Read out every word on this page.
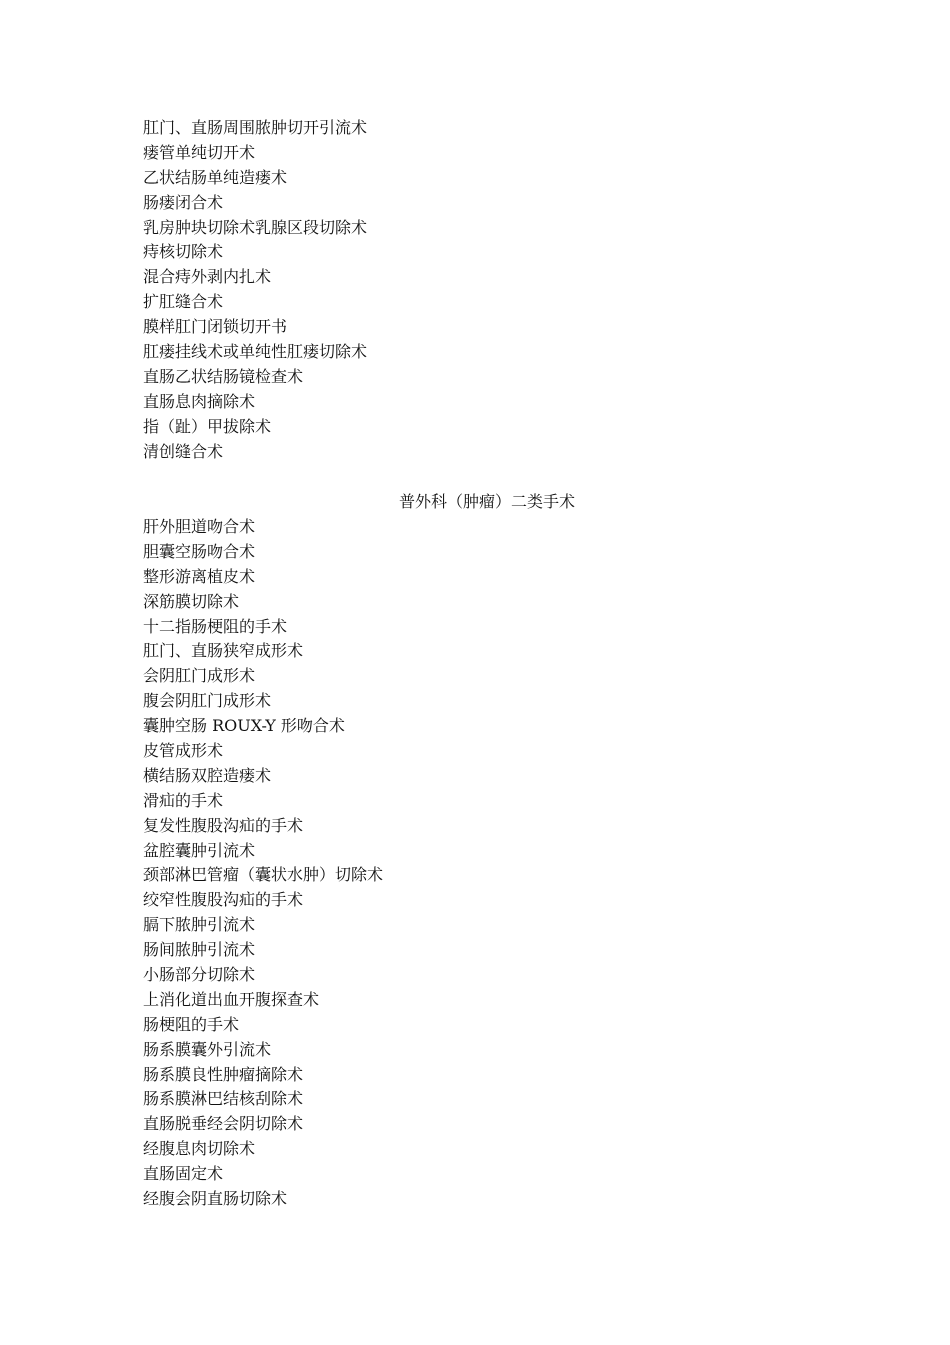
肛门、直肠周围脓肿切开引流术
瘘管单纯切开术
乙状结肠单纯造瘘术
肠瘘闭合术
乳房肿块切除术乳腺区段切除术
痔核切除术
混合痔外剥内扎术
扩肛缝合术
膜样肛门闭锁切开书
肛瘘挂线术或单纯性肛瘘切除术
直肠乙状结肠镜检查术
直肠息肉摘除术
指（趾）甲拔除术
清创缝合术
普外科（肿瘤）二类手术
肝外胆道吻合术
胆囊空肠吻合术
整形游离植皮术
深筋膜切除术
十二指肠梗阻的手术
肛门、直肠狭窄成形术
会阴肛门成形术
腹会阴肛门成形术
囊肿空肠 ROUX-Y 形吻合术
皮管成形术
横结肠双腔造瘘术
滑疝的手术
复发性腹股沟疝的手术
盆腔囊肿引流术
颈部淋巴管瘤（囊状水肿）切除术
绞窄性腹股沟疝的手术
膈下脓肿引流术
肠间脓肿引流术
小肠部分切除术
上消化道出血开腹探查术
肠梗阻的手术
肠系膜囊外引流术
肠系膜良性肿瘤摘除术
肠系膜淋巴结核刮除术
直肠脱垂经会阴切除术
经腹息肉切除术
直肠固定术
经腹会阴直肠切除术
